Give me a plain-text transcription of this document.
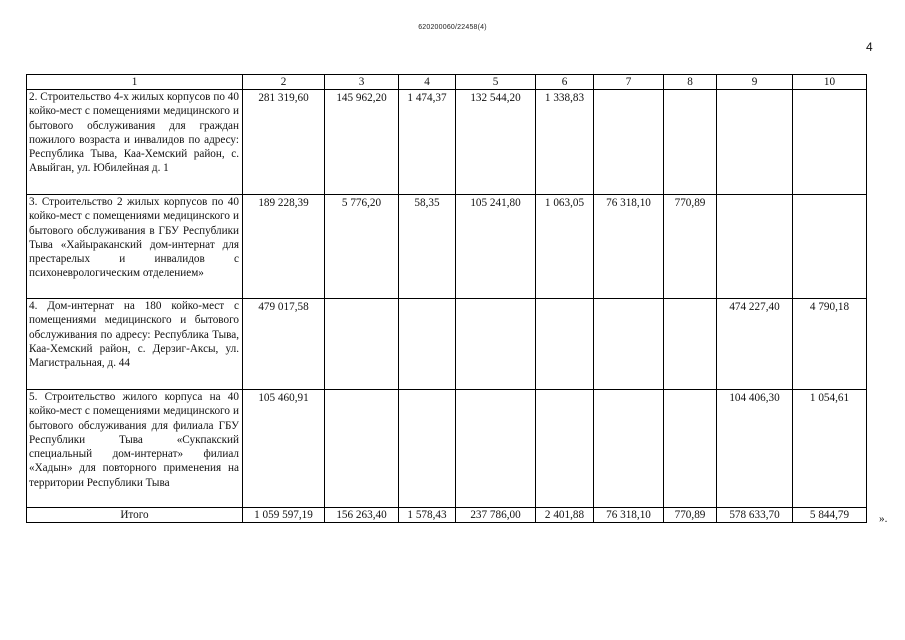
620200060/22458(4)
4
1	2	3	4	5	6	7	8	9	10
2. Строительство 4-х жилых корпусов по 40 койко-мест с помещениями медицинского и бытового обслуживания для граждан пожилого возраста и инвалидов по адресу: Республика Тыва, Каа-Хемский район, с. Авыйган, ул. Юбилейная д. 1	281 319,60	145 962,20	1 474,37	132 544,20	1 338,83				
3. Строительство 2 жилых корпусов по 40 койко-мест с помещениями медицинского и бытового обслуживания в ГБУ Республики Тыва «Хайыраканский дом-интернат для престарелых и инвалидов с психоневрологическим отделением»	189 228,39	5 776,20	58,35	105 241,80	1 063,05	76 318,10	770,89		
4. Дом-интернат на 180 койко-мест с помещениями медицинского и бытового обслуживания по адресу: Республика Тыва, Каа-Хемский район, с. Дерзиг-Аксы, ул. Магистральная, д. 44	479 017,58							474 227,40	4 790,18
5. Строительство жилого корпуса на 40 койко-мест с помещениями медицинского и бытового обслуживания для филиала ГБУ Республики Тыва «Сукпакский специальный дом-интернат» филиал «Хадын» для повторного применения на территории Республики Тыва	105 460,91							104 406,30	1 054,61
Итого	1 059 597,19	156 263,40	1 578,43	237 786,00	2 401,88	76 318,10	770,89	578 633,70	5 844,79	».
